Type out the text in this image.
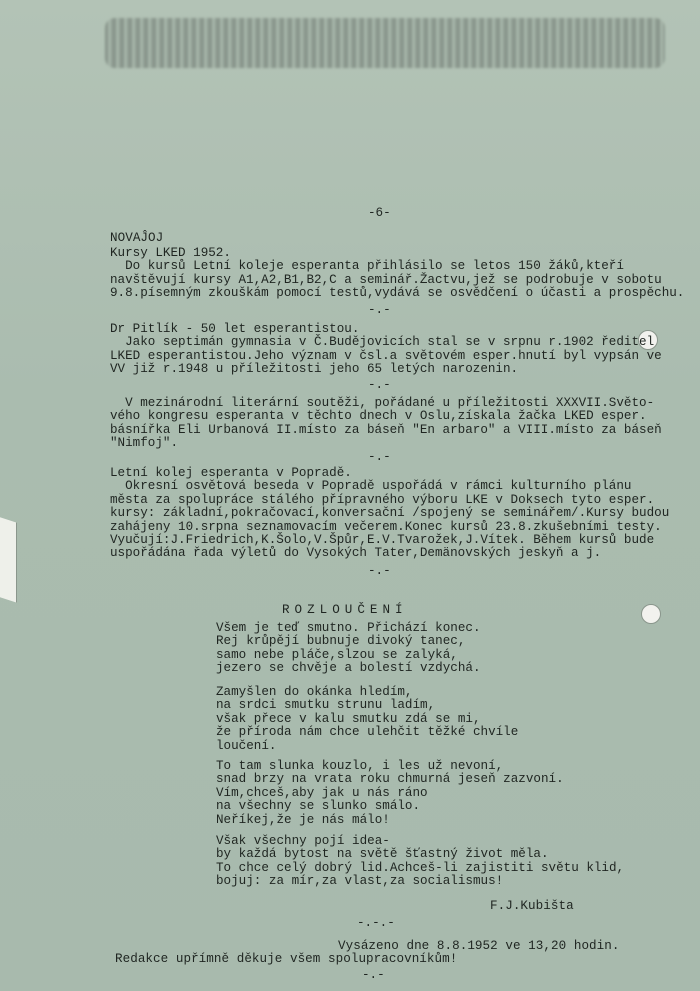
-6-
NOVAĴOJ
Kursy LKED 1952.
Do kursů Letní koleje esperanta přihlásilo se letos 150 žáků,kteří
navštěvují kursy A1,A2,B1,B2,C a seminář.Žactvu,jež se podrobuje v sobotu
9.8.písemným zkouškám pomocí testů,vydává se osvědčení o účasti a prospěchu.
-.-
Dr Pitlík - 50 let esperantistou.
Jako septimán gymnasia v Č.Budějovicích stal se v srpnu r.1902 ředitel
LKED esperantistou.Jeho význam v čsl.a světovém esper.hnutí byl vypsán ve
VV již r.1948 u příležitosti jeho 65 letých narozenin.
-.-
V mezinárodní literární soutěži, pořádané u příležitosti XXXVII.Světo-
vého kongresu esperanta v těchto dnech v Oslu,získala žačka LKED esper.
básnířka Eli Urbanová II.místo za báseň "En arbaro" a VIII.místo za báseň
"Nimfoj".
-.-
Letní kolej esperanta v Popradě.
Okresní osvětová beseda v Popradě uspořádá v rámci kulturního plánu
města za spolupráce stálého přípravného výboru LKE v Doksech tyto esper.
kursy: základní,pokračovací,konversační /spojený se seminářem/.Kursy budou
zahájeny 10.srpna seznamovacím večerem.Konec kursů 23.8.zkušebními testy.
Vyučují:J.Friedrich,K.Šolo,V.Špůr,E.V.Tvarožek,J.Vítek. Během kursů bude
uspořádána řada výletů do Vysokých Tater,Demänovských jeskyň a j.
-.-
ROZLOUČENÍ
Všem je teď smutno. Přichází konec.
Rej krůpějí bubnuje divoký tanec,
samo nebe pláče,slzou se zalyká,
jezero se chvěje a bolestí vzdychá.
Zamyšlen do okánka hledím,
na srdci smutku strunu ladím,
však přece v kalu smutku zdá se mi,
že příroda nám chce ulehčit těžké chvíle
loučení.
To tam slunka kouzlo, i les už nevoní,
snad brzy na vrata roku chmurná jeseň zazvoní.
Vím,chceš,aby jak u nás ráno
na všechny se slunko smálo.
Neříkej,že je nás málo!
Však všechny pojí idea-
by každá bytost na světě šťastný život měla.
To chce celý dobrý lid.Achceš-li zajistiti světu klid,
bojuj: za mír,za vlast,za socialismus!
F.J.Kubišta
-.-.-
Vysázeno dne 8.8.1952 ve 13,20 hodin.
Redakce upřímně děkuje všem spolupracovníkům!
-.-
